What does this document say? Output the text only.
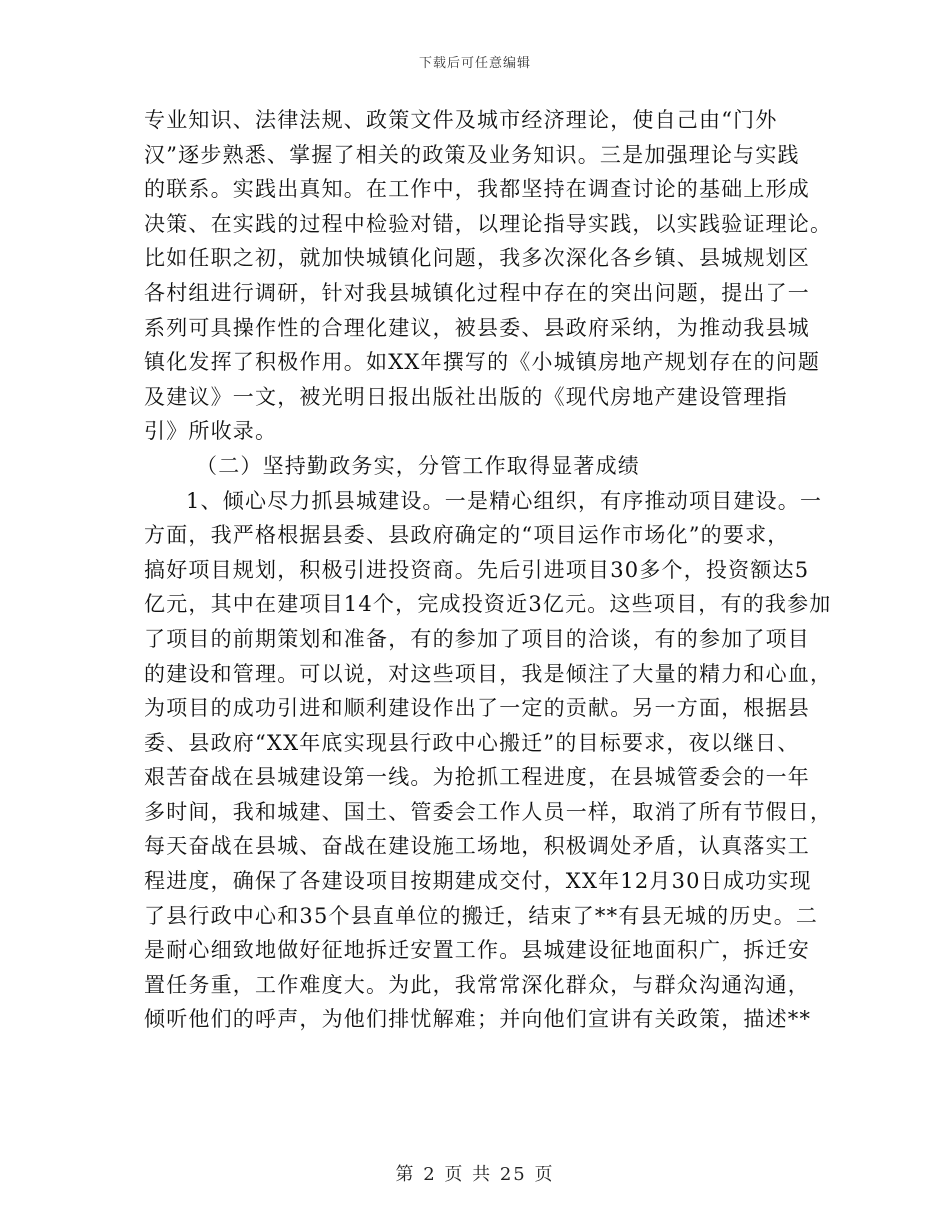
下载后可任意编辑
专业知识、法律法规、政策文件及城市经济理论，使自己由“门外
汉”逐步熟悉、掌握了相关的政策及业务知识。三是加强理论与实践
的联系。实践出真知。在工作中，我都坚持在调查讨论的基础上形成
决策、在实践的过程中检验对错，以理论指导实践，以实践验证理论。
比如任职之初，就加快城镇化问题，我多次深化各乡镇、县城规划区
各村组进行调研，针对我县城镇化过程中存在的突出问题，提出了一
系列可具操作性的合理化建议，被县委、县政府采纳，为推动我县城
镇化发挥了积极作用。如XX年撰写的《小城镇房地产规划存在的问题
及建议》一文，被光明日报出版社出版的《现代房地产建设管理指
引》所收录。
（二）坚持勤政务实，分管工作取得显著成绩
1、倾心尽力抓县城建设。一是精心组织，有序推动项目建设。一
方面，我严格根据县委、县政府确定的“项目运作市场化”的要求，
搞好项目规划，积极引进投资商。先后引进项目30多个，投资额达5
亿元，其中在建项目14个，完成投资近3亿元。这些项目，有的我参加
了项目的前期策划和准备，有的参加了项目的洽谈，有的参加了项目
的建设和管理。可以说，对这些项目，我是倾注了大量的精力和心血，
为项目的成功引进和顺利建设作出了一定的贡献。另一方面，根据县
委、县政府“XX年底实现县行政中心搬迁”的目标要求，夜以继日、
艰苦奋战在县城建设第一线。为抢抓工程进度，在县城管委会的一年
多时间，我和城建、国土、管委会工作人员一样，取消了所有节假日，
每天奋战在县城、奋战在建设施工场地，积极调处矛盾，认真落实工
程进度，确保了各建设项目按期建成交付，XX年12月30日成功实现
了县行政中心和35个县直单位的搬迁，结束了**有县无城的历史。二
是耐心细致地做好征地拆迁安置工作。县城建设征地面积广，拆迁安
置任务重，工作难度大。为此，我常常深化群众，与群众沟通沟通，
倾听他们的呼声，为他们排忧解难；并向他们宣讲有关政策，描述**
第 2 页 共 25 页
